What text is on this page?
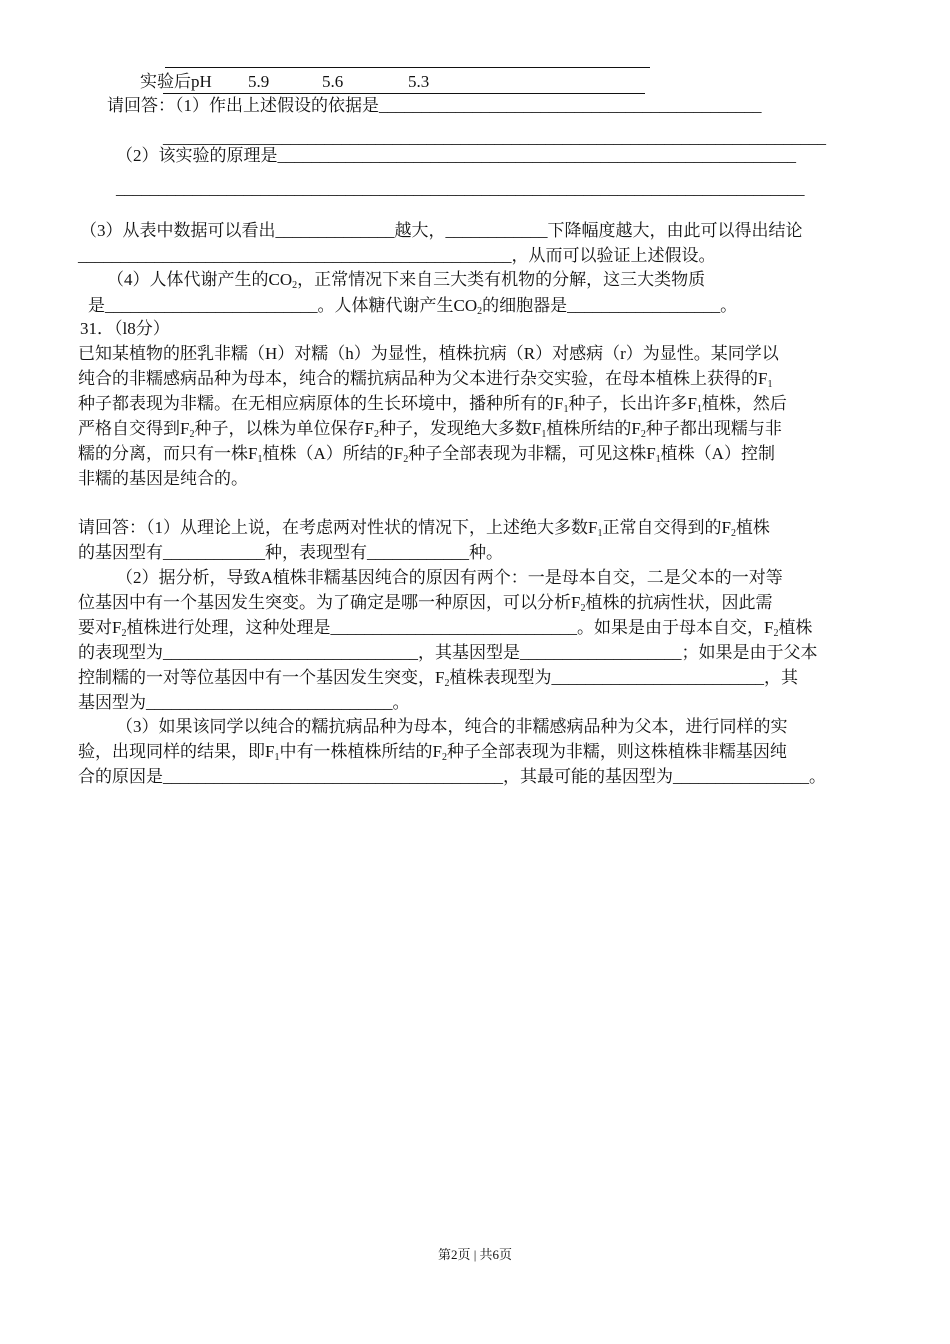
实验后pH 5.9	5.6	5.3
请回答：（1）作出上述假设的依据是_____________________________________________
______________________________________________________________________________
（2）该实验的原理是_____________________________________________________________
_________________________________________________________________________________
（3）从表中数据可以看出______________越大，____________下降幅度越大，由此可以得出结论
___________________________________________________，从而可以验证上述假设。
（4）人体代谢产生的$CO_2$，正常情况下来自三大类有机物的分解，这三大类物质
是_________________________。人体糖代谢产生$CO_2$的细胞器是__________________。
31．（l8分）
已知某植物的胚乳非糯（H）对糯（h）为显性，植株抗病（R）对感病（r）为显性。某同学以
纯合的非糯感病品种为母本，纯合的糯抗病品种为父本进行杂交实验，在母本植株上获得的$F_1$
种子都表现为非糯。在无相应病原体的生长环境中，播种所有的$F_1$种子，长出许多$F_1$植株，然后
严格自交得到$F_2$种子，以株为单位保存$F_2$种子，发现绝大多数$F_1$植株所结的$F_2$种子都出现糯与非
糯的分离，而只有一株$F_1$植株（A）所结的$F_2$种子全部表现为非糯，可见这株$F_1$植株（A）控制
非糯的基因是纯合的。
请回答：（1）从理论上说，在考虑两对性状的情况下，上述绝大多数$F_1$正常自交得到的$F_2$植株
的基因型有____________种，表现型有____________种。
（2）据分析，导致A植株非糯基因纯合的原因有两个：一是母本自交，二是父本的一对等
位基因中有一个基因发生突变。为了确定是哪一种原因，可以分析$F_2$植株的抗病性状，因此需
要对$F_2$植株进行处理，这种处理是_____________________________。如果是由于母本自交，$F_2$植株
的表现型为______________________________，其基因型是___________________；如果是由于父本
控制糯的一对等位基因中有一个基因发生突变，$F_2$植株表现型为_________________________，其
基因型为_____________________________。
（3）如果该同学以纯合的糯抗病品种为母本，纯合的非糯感病品种为父本，进行同样的实
验，出现同样的结果，即$F_1$中有一株植株所结的$F_2$种子全部表现为非糯，则这株植株非糯基因纯
合的原因是________________________________________，其最可能的基因型为________________。
第2页 | 共6页
